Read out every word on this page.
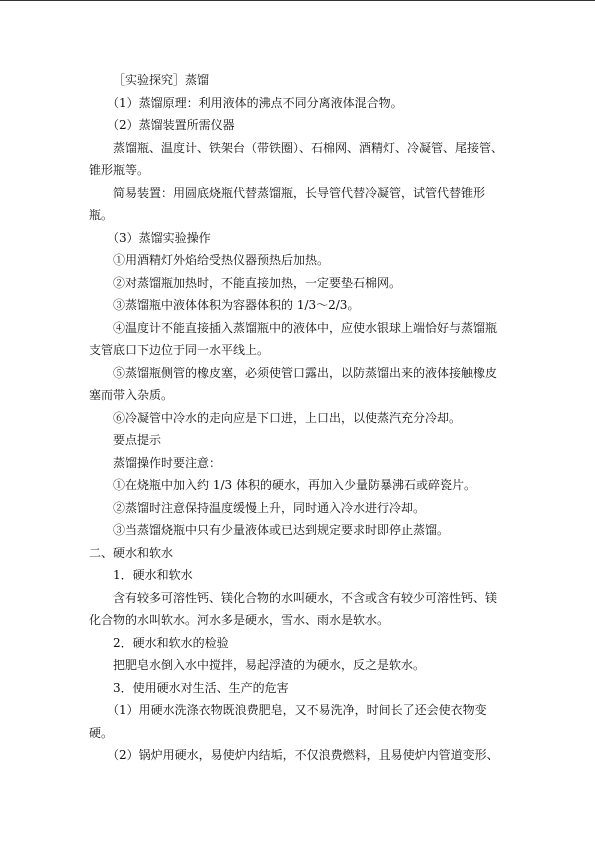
［实验探究］蒸馏
（1）蒸馏原理：利用液体的沸点不同分离液体混合物。
（2）蒸馏装置所需仪器
蒸馏瓶、温度计、铁架台（带铁圈）、石棉网、酒精灯、冷凝管、尾接管、
锥形瓶等。
简易装置：用圆底烧瓶代替蒸馏瓶，长导管代替冷凝管，试管代替锥形
瓶。
（3）蒸馏实验操作
①用酒精灯外焰给受热仪器预热后加热。
②对蒸馏瓶加热时，不能直接加热，一定要垫石棉网。
③蒸馏瓶中液体体积为容器体积的 1/3～2/3。
④温度计不能直接插入蒸馏瓶中的液体中，应使水银球上端恰好与蒸馏瓶
支管底口下边位于同一水平线上。
⑤蒸馏瓶侧管的橡皮塞，必须使管口露出，以防蒸馏出来的液体接触橡皮
塞而带入杂质。
⑥冷凝管中冷水的走向应是下口进，上口出，以使蒸汽充分冷却。
要点提示
蒸馏操作时要注意：
①在烧瓶中加入约 1/3 体积的硬水，再加入少量防暴沸石或碎瓷片。
②蒸馏时注意保持温度缓慢上升，同时通入冷水进行冷却。
③当蒸馏烧瓶中只有少量液体或已达到规定要求时即停止蒸馏。
二、硬水和软水
1．硬水和软水
含有较多可溶性钙、镁化合物的水叫硬水，不含或含有较少可溶性钙、镁
化合物的水叫软水。河水多是硬水，雪水、雨水是软水。
2．硬水和软水的检验
把肥皂水倒入水中搅拌，易起浮渣的为硬水，反之是软水。
3．使用硬水对生活、生产的危害
（1）用硬水洗涤衣物既浪费肥皂，又不易洗净，时间长了还会使衣物变
硬。
（2）锅炉用硬水，易使炉内结垢，不仅浪费燃料，且易使炉内管道变形、
